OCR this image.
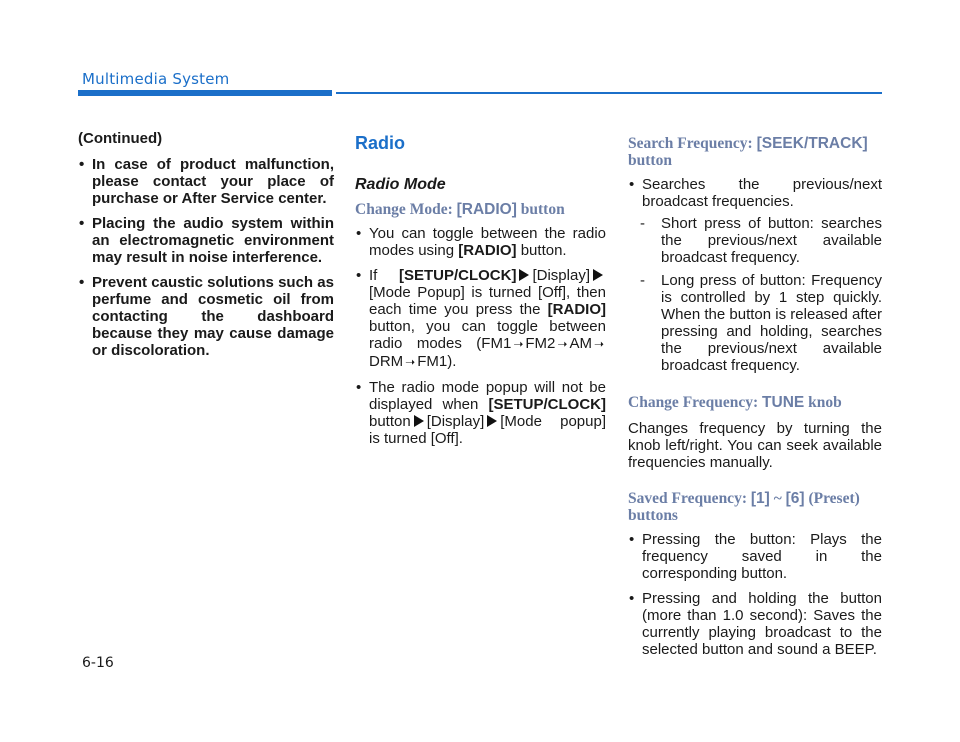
Multimedia System
(Continued)
• In case of product malfunction, please contact your place of purchase or After Service center.
• Placing the audio system within an electromagnetic environment may result in noise interference.
• Prevent caustic solutions such as perfume and cosmetic oil from contacting the dashboard because they may cause damage or discoloration.
Radio
Radio Mode
Change Mode: [RADIO] button
• You can toggle between the radio modes using [RADIO] button.
• If [SETUP/CLOCK] [Display] [Mode Popup] is turned [Off], then each time you press the [RADIO] button, you can toggle between radio modes (FM1 ➝ FM2 ➝ AM ➝DRM ➝ FM1).
• The radio mode popup will not be displayed when [SETUP/CLOCK] button [Display] [Mode popup] is turned [Off].
Search Frequency: [SEEK/TRACK]
button
• Searches the previous/next broadcast frequencies.
- Short press of button: searches the previous/next available broadcast frequency.
- Long press of button: Frequency is controlled by 1 step quickly. When the button is released after pressing and holding, searches the previous/next available broadcast frequency.
Change Frequency: TUNE knob
Changes frequency by turning the knob left/right. You can seek available frequencies manually.
Saved Frequency: [1] ~ [6] (Preset) buttons
• Pressing the button: Plays the frequency saved in the corresponding button.
• Pressing and holding the button (more than 1.0 second): Saves the currently playing broadcast to the selected button and sound a BEEP.
6-16
